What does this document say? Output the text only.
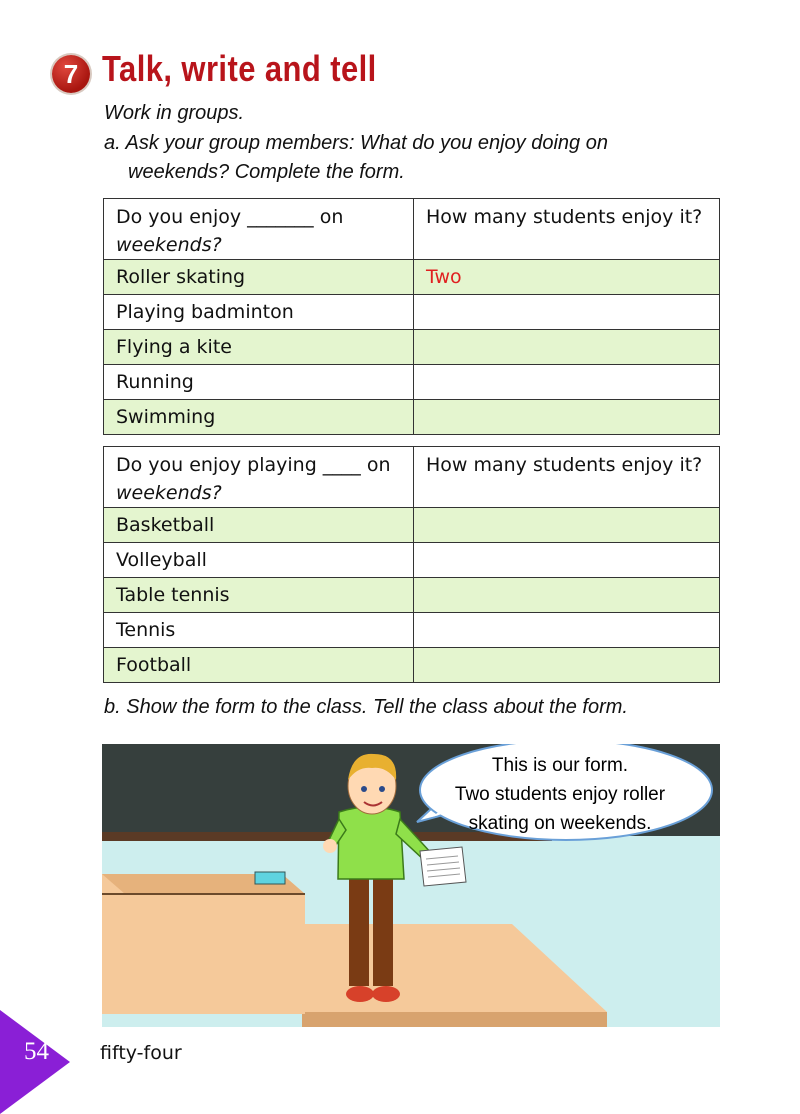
7 Talk, write and tell

Work in groups.

a. Ask your group members: What do you enjoy doing on

weekends? Complete the form.

Do you enjoy _______ on
weekends?	How many students enjoy it?
Roller skating	Two
Playing badminton	
Flying a kite	
Running	
Swimming	
Do you enjoy playing ____ on
weekends?	How many students enjoy it?
Basketball	
Volleyball	
Table tennis	
Tennis	
Football	

b. Show the form to the class. Tell the class about the form.

This is our form.
Two students enjoy roller
skating on weekends.
54	fifty-four
